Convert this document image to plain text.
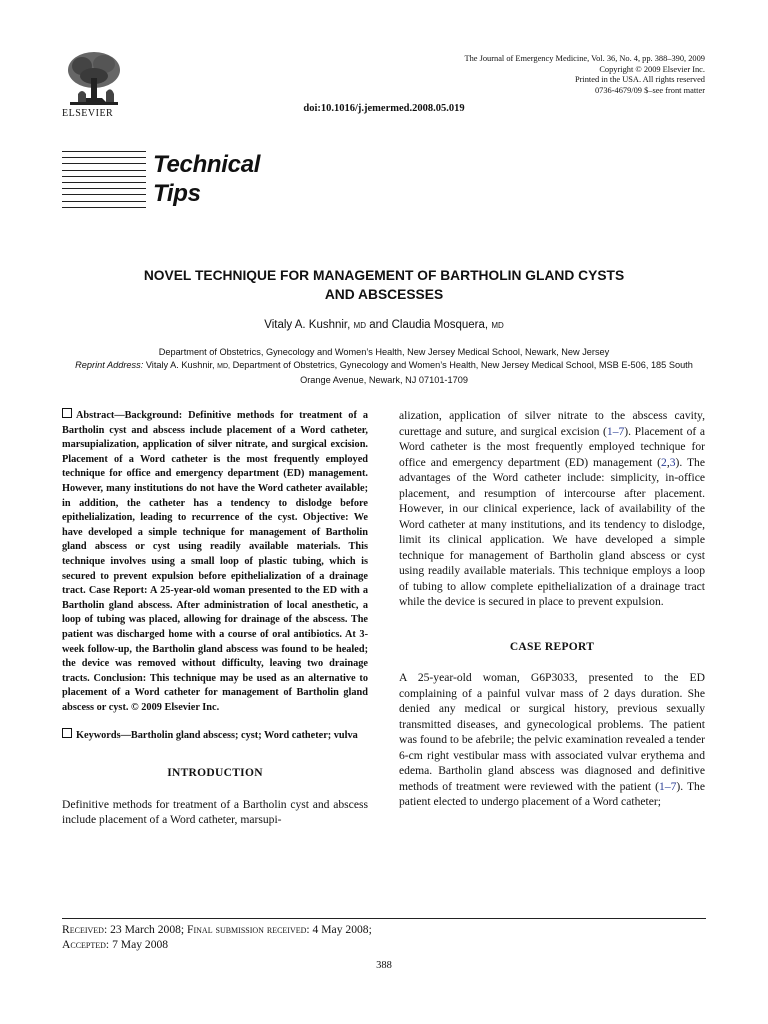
ELSEVIER
The Journal of Emergency Medicine, Vol. 36, No. 4, pp. 388–390, 2009
Copyright © 2009 Elsevier Inc.
Printed in the USA. All rights reserved
0736-4679/09 $–see front matter
doi:10.1016/j.jemermed.2008.05.019
Technical
Tips
NOVEL TECHNIQUE FOR MANAGEMENT OF BARTHOLIN GLAND CYSTS
AND ABSCESSES
Vitaly A. Kushnir, MD and Claudia Mosquera, MD
Department of Obstetrics, Gynecology and Women’s Health, New Jersey Medical School, Newark, New Jersey
Reprint Address: Vitaly A. Kushnir, MD, Department of Obstetrics, Gynecology and Women’s Health, New Jersey Medical School, MSB E-506, 185 South Orange Avenue, Newark, NJ 07101-1709

Abstract—Background: Definitive methods for treatment of a Bartholin cyst and abscess include placement of a Word catheter, marsupialization, application of silver nitrate, and surgical excision. Placement of a Word catheter is the most frequently employed technique for office and emergency department (ED) management. However, many institutions do not have the Word catheter available; in addition, the catheter has a tendency to dislodge before epithelialization, leading to recurrence of the cyst. Objective: We have developed a simple technique for management of Bartholin gland abscess or cyst using readily available materials. This technique involves using a small loop of plastic tubing, which is secured to prevent expulsion before epithelialization of a drainage tract. Case Report: A 25-year-old woman presented to the ED with a Bartholin gland abscess. After administration of local anesthetic, a loop of tubing was placed, allowing for drainage of the abscess. The patient was discharged home with a course of oral antibiotics. At 3-week follow-up, the Bartholin gland abscess was found to be healed; the device was removed without difficulty, leaving two drainage tracts. Conclusion: This technique may be used as an alternative to placement of a Word catheter for management of Bartholin gland abscess or cyst. © 2009 Elsevier Inc.

Keywords—Bartholin gland abscess; cyst; Word catheter; vulva

INTRODUCTION

Definitive methods for treatment of a Bartholin cyst and abscess include placement of a Word catheter, marsupi-

alization, application of silver nitrate to the abscess cavity, curettage and suture, and surgical excision (1–7). Placement of a Word catheter is the most frequently employed technique for office and emergency department (ED) management (2,3). The advantages of the Word catheter include: simplicity, in-office placement, and resumption of intercourse after placement. However, in our clinical experience, lack of availability of the Word catheter at many institutions, and its tendency to dislodge, limit its clinical application. We have developed a simple technique for management of Bartholin gland abscess or cyst using readily available materials. This technique employs a loop of tubing to allow complete epithelialization of a drainage tract while the device is secured in place to prevent expulsion.

CASE REPORT

A 25-year-old woman, G6P3033, presented to the ED complaining of a painful vulvar mass of 2 days duration. She denied any medical or surgical history, previous sexually transmitted diseases, and gynecological problems. The patient was found to be afebrile; the pelvic examination revealed a tender 6-cm right vestibular mass with associated vulvar erythema and edema. Bartholin gland abscess was diagnosed and definitive methods of treatment were reviewed with the patient (1–7). The patient elected to undergo placement of a Word catheter;

Received: 23 March 2008; Final submission received: 4 May 2008;
Accepted: 7 May 2008
388
